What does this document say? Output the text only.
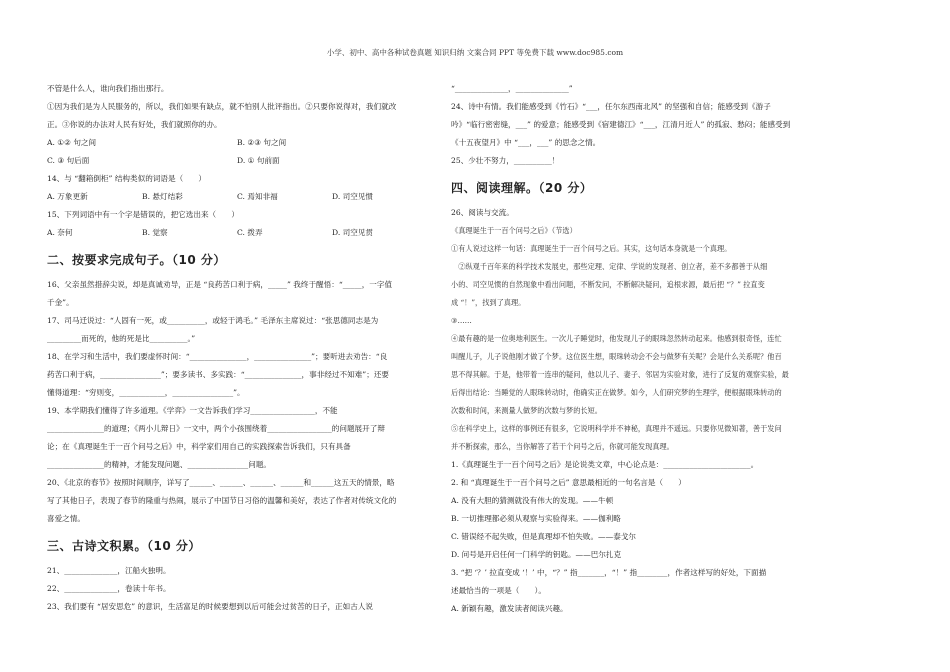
小学、初中、高中各种试卷真题 知识归纳 文案合同 PPT 等免费下载 www.doc985.com
不管是什么人，谁向我们指出那行。
①因为我们是为人民服务的，所以，我们如果有缺点，就不怕别人批评指出。②只要你说得对，我们就改
正。③你说的办法对人民有好处，我们就照你的办。
A. ①② 句之间	B. ②③ 句之间
C. ③ 句后面	D. ① 句前面
14、与 “翻箱倒柜” 结构类似的词语是（　　）
A. 万象更新	B. 悬灯结彩	C. 焉知非福	D. 司空见惯
15、下列词语中有一个字是错误的，把它选出来（　　）
A. 奈何	B. 觉察	C. 拨弄	D. 司空见贯
二、按要求完成句子。（10 分）
16、父亲虽然措辞尖说，却是真诚劝导，正是 “良药苦口利于病，_____” 我终于醒悟：“_____，一字值
千金”。
17、司马迁说过：“人固有一死，或__________，或轻于鸿毛。” 毛泽东主席说过：“张思德同志是为
_________而死的，他的死是比__________。”
18、在学习和生活中，我们要虚怀时间：“_______________，_______________”；要听进去劝告：“良
药苦口利于病，________________”；要多读书、多实践：“_______________，事非经过不知难”；还要
懂得道理：“穷则变，____________，________________”。
19、本学期我们懂得了许多道理。《学弈》一文告诉我们学习_________________，不能
_______________的道理；《两小儿辩日》一文中，两个小孩围绕着_________________的问题展开了辩
论；在《真理诞生于一百个问号之后》中，科学家们用自己的实践探索告诉我们，只有具备
_______________的精神，才能发现问题、________________问题。
20、《北京的春节》按照时间顺序，详写了______、______、______、______和______这五天的情景，略
写了其他日子，表现了春节的隆重与热闹，展示了中国节日习俗的温馨和美好，表达了作者对传统文化的
喜爱之情。
三、古诗文积累。（10 分）
21、______________，江船火独明。
22、______________，卷读十年书。
23、我们要有 “居安思危” 的意识，生活富足的时候要想到以后可能会过贫苦的日子，正如古人说
“______________，______________”
24、诗中有情。我们能感受到《竹石》“___，任尔东西南北风” 的坚强和自信；能感受到《游子
吟》“临行密密缝，___” 的爱意；能感受到《宿建德江》“___，江清月近人” 的孤寂、愁闷；能感受到
《十五夜望月》中 “___，___” 的思念之情。
25、少壮不努力，__________！
四、阅读理解。（20 分）
26、阅读与交流。
《真理诞生于一百个问号之后》（节选）
①有人说过这样一句话：真理诞生于一百个问号之后。其实，这句话本身就是一个真理。
　②纵观千百年来的科学技术发展史，那些定理、定律、学说的发现者、创立者，差不多都善于从细
小的、司空见惯的自然现象中看出问题，不断发问，不断解决疑问，追根求源，最后把 “？” 拉直变
成 “！”，找到了真理。
③……
④最有趣的是一位奥地利医生。一次儿子睡觉时，他发现儿子的眼珠忽然转动起来。他感到很奇怪，连忙
叫醒儿子，儿子说他刚才做了个梦。这位医生想，眼珠转动会不会与做梦有关呢？会是什么关系呢？他百
思不得其解。于是，他带着一连串的疑问，他以儿子、妻子、邻居为实验对象，进行了反复的观察实验，最
后得出结论：当睡觉的人眼珠转动时，他确实正在做梦。如今，人们研究梦的生理学，便根据眼珠转动的
次数和时间，来测量人做梦的次数与梦的长短。
⑤在科学史上，这样的事例还有很多，它说明科学并不神秘，真理并不遥远。只要你见微知著，善于发问
并不断探索，那么，当你解答了若干个问号之后，你就可能发现真理。
1.《真理诞生于一百个问号之后》是论说类文章，中心论点是：_______________________。
2. 和 “真理诞生于一百个问号之后” 意思最相近的一句名言是（　　）
A. 没有大胆的猜测就没有伟大的发现。——牛顿
B. 一切推理都必须从观察与实验得来。——伽利略
C. 错误经不起失败，但是真理却不怕失败。——泰戈尔
D. 问号是开启任何一门科学的钥匙。——巴尔扎克
3. “把 ‘？’ 拉直变成 ‘！’ 中，“？” 指_______，“！” 指________，作者这样写的好处，下面描
述最恰当的一项是（　　）。
A. 新颖有趣，激发读者阅读兴趣。
